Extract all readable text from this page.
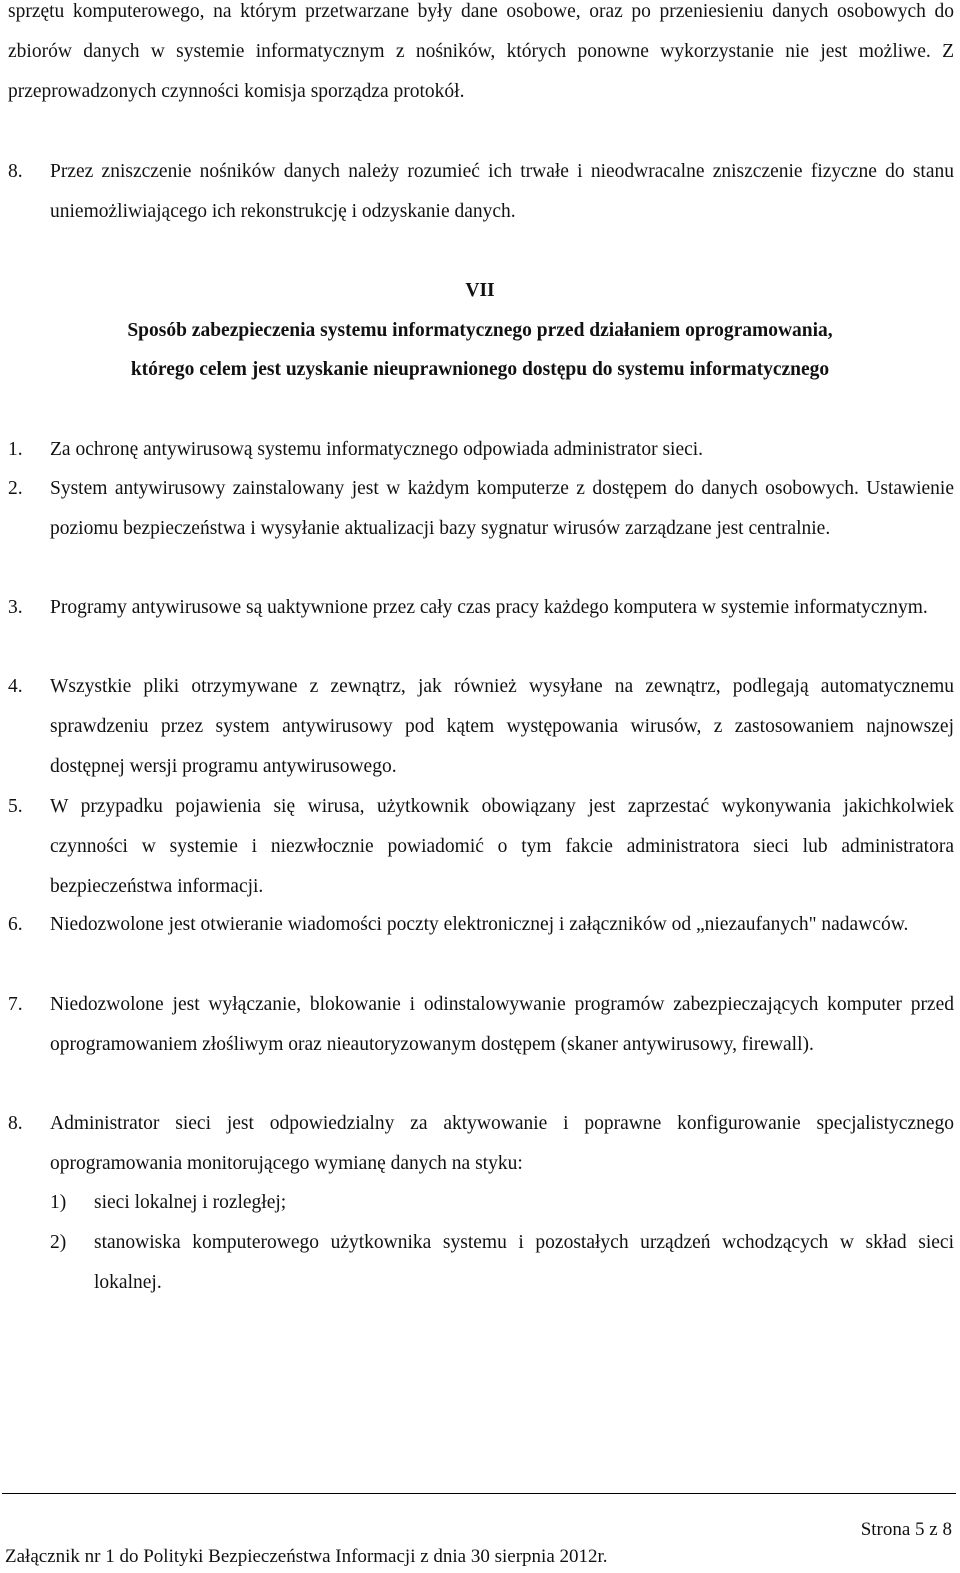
sprzętu komputerowego, na którym przetwarzane były dane osobowe, oraz po przeniesieniu danych osobowych do zbiorów danych w systemie informatycznym z nośników, których ponowne wykorzystanie nie jest możliwe. Z przeprowadzonych czynności komisja sporządza protokół.
8. Przez zniszczenie nośników danych należy rozumieć ich trwałe i nieodwracalne zniszczenie fizyczne do stanu uniemożliwiającego ich rekonstrukcję i odzyskanie danych.
VII
Sposób zabezpieczenia systemu informatycznego przed działaniem oprogramowania,
którego celem jest uzyskanie nieuprawnionego dostępu do systemu informatycznego
1. Za ochronę antywirusową systemu informatycznego odpowiada administrator sieci.
2. System antywirusowy zainstalowany jest w każdym komputerze z dostępem do danych osobowych. Ustawienie poziomu bezpieczeństwa i wysyłanie aktualizacji bazy sygnatur wirusów zarządzane jest centralnie.
3. Programy antywirusowe są uaktywnione przez cały czas pracy każdego komputera w systemie informatycznym.
4. Wszystkie pliki otrzymywane z zewnątrz, jak również wysyłane na zewnątrz, podlegają automatycznemu sprawdzeniu przez system antywirusowy pod kątem występowania wirusów, z zastosowaniem najnowszej dostępnej wersji programu antywirusowego.
5. W przypadku pojawienia się wirusa, użytkownik obowiązany jest zaprzestać wykonywania jakichkolwiek czynności w systemie i niezwłocznie powiadomić o tym fakcie administratora sieci lub administratora bezpieczeństwa informacji.
6. Niedozwolone jest otwieranie wiadomości poczty elektronicznej i załączników od „niezaufanych" nadawców.
7. Niedozwolone jest wyłączanie, blokowanie i odinstalowywanie programów zabezpieczających komputer przed oprogramowaniem złośliwym oraz nieautoryzowanym dostępem (skaner antywirusowy, firewall).
8. Administrator sieci jest odpowiedzialny za aktywowanie i poprawne konfigurowanie specjalistycznego oprogramowania monitorującego wymianę danych na styku:
1) sieci lokalnej i rozległej;
2) stanowiska komputerowego użytkownika systemu i pozostałych urządzeń wchodzących w skład sieci lokalnej.
Strona 5 z 8
Załącznik nr 1 do Polityki Bezpieczeństwa Informacji z dnia 30 sierpnia 2012r.
